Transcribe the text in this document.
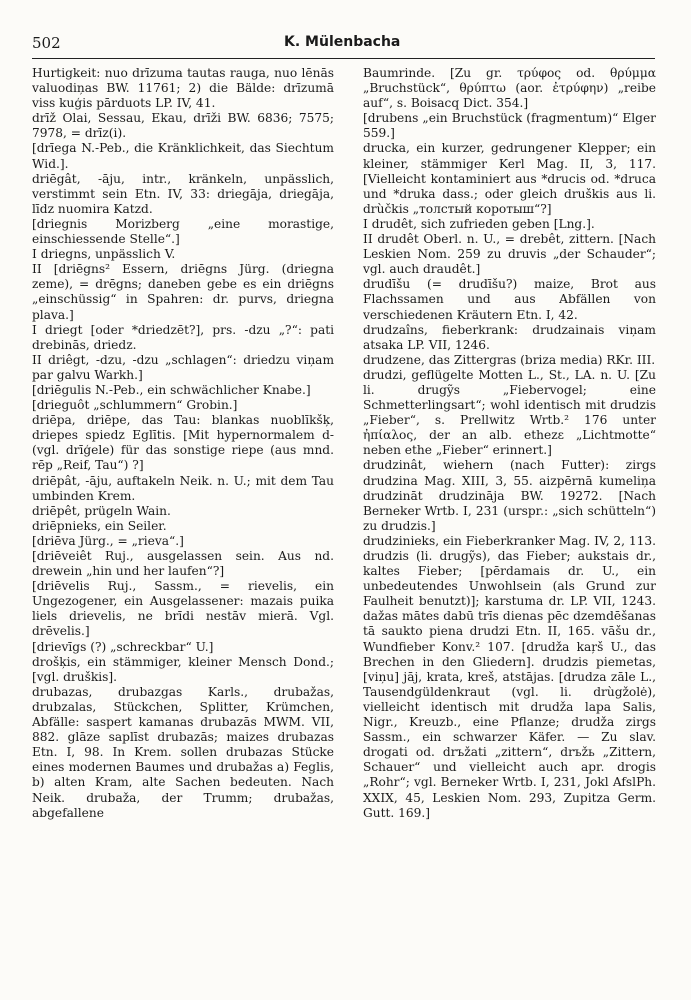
502	K. Mülenbacha

Hurtigkeit: nuo drīzuma tautas rauga, nuo lēnās valuodiņas BW. 11761; 2) die Bälde: drīzumā viss kuģis pārduots LP. IV, 41.

drīž Olai, Sessau, Ekau, drīži BW. 6836; 7575; 7978, = drīz(i).

[drīega N.-Peb., die Kränklichkeit, das Siechtum Wid.].

driēgât, -āju, intr., kränkeln, unpässlich, verstimmt sein Etn. IV, 33: driegāja, driegāja, līdz nuomira Katzd.

[driegnis Morizberg „eine morastige, einschiessende Stelle“.]

I driegns, unpässlich V.

II [driēgns² Essern, driēgns Jürg. (driegna zeme), = drēgns; daneben gebe es ein driēgns „einschüssig“ in Spahren: dr. purvs, driegna plava.]

I driegt [oder *driedzēt?], prs. -dzu „?“: pati drebinās, driedz.

II driêgt, -dzu, -dzu „schlagen“: driedzu viņam par galvu Warkh.]

[driēgulis N.-Peb., ein schwächlicher Knabe.]

[drieguôt „schlummern“ Grobin.]

driēpa, driēpe, das Tau: blankas nuoblīkšķ, driepes spiedz Eglītis. [Mit hypernormalem d- (vgl. drīģele) für das sonstige riepe (aus mnd. rēp „Reif, Tau“) ?]

driēpât, -āju, auftakeln Neik. n. U.; mit dem Tau umbinden Krem.

driēpêt, prügeln Wain.

driēpnieks, ein Seiler.

[driēva Jürg., = „rieva“.]

[driēveiêt Ruj., ausgelassen sein. Aus nd. drewein „hin und her laufen“?]

[driēvelis Ruj., Sassm., = rievelis, ein Ungezogener, ein Ausgelassener: mazais puika liels drievelis, ne brīdi nestāv mierā. Vgl. drēvelis.]

[drievīgs (?) „schreckbar“ U.]

drošķis, ein stämmiger, kleiner Mensch Dond.; [vgl. druškis].

drubazas, drubazgas Karls., drubažas, drubzalas, Stückchen, Splitter, Krümchen, Abfälle: saspert kamanas drubazās MWM. VII, 882. glāze saplīst drubazās; maizes drubazas Etn. I, 98. In Krem. sollen drubazas Stücke eines modernen Baumes und drubažas a) Feglis, b) alten Kram, alte Sachen bedeuten. Nach Neik. drubaža, der Trumm; drubažas, abgefallene

Baumrinde. [Zu gr. τρύφος od. θρύμμα „Bruchstück“, θρύπτω (aor. ἐτρύφην) „reibe auf“, s. Boisacq Dict. 354.]

[drubens „ein Bruchstück (fragmentum)“ Elger 559.]

drucka, ein kurzer, gedrungener Klepper; ein kleiner, stämmiger Kerl Mag. II, 3, 117. [Vielleicht kontaminiert aus *drucis od. *druca und *druka dass.; oder gleich druškis aus li. drùčkis „толстый коротыш“?]

I drudêt, sich zufrieden geben [Lng.].

II drudêt Oberl. n. U., = drebêt, zittern. [Nach Leskien Nom. 259 zu druvis „der Schauder“; vgl. auch draudêt.]

drudīšu (= drudīšu?) maize, Brot aus Flachssamen und aus Abfällen von verschiedenen Kräutern Etn. I, 42.

drudzaîns, fieberkrank: drudzainais viņam atsaka LP. VII, 1246.

drudzene, das Zittergras (briza media) RKr. III.

drudzi, geflügelte Motten L., St., LA. n. U. [Zu li. drugỹs „Fiebervogel; eine Schmetterlingsart“; wohl identisch mit drudzis „Fieber“, s. Prellwitz Wrtb.² 176 unter ἠπίαλος, der an alb. ethezε „Lichtmotte“ neben ethe „Fieber“ erinnert.]

drudzinât, wiehern (nach Futter): zirgs drudzina Mag. XIII, 3, 55. aizpērnā kumeliņa drudzināt drudzināja BW. 19272. [Nach Berneker Wrtb. I, 231 (urspr.: „sich schütteln“) zu drudzis.]

drudzinieks, ein Fieberkranker Mag. IV, 2, 113.

drudzis (li. drugỹs), das Fieber; aukstais dr., kaltes Fieber; [pērdamais dr. U., ein unbedeutendes Unwohlsein (als Grund zur Faulheit benutzt)]; karstuma dr. LP. VII, 1243. dažas mātes dabū trīs dienas pēc dzemdēšanas tā saukto piena drudzi Etn. II, 165. vāšu dr., Wundfieber Konv.² 107. [drudža kaŗš U., das Brechen in den Gliedern]. drudzis piemetas, [viņu] jāj, krata, kreš, atstājas. [drudza zāle L., Tausendgüldenkraut (vgl. li. drùgžolė), vielleicht identisch mit drudža lapa Salis, Nigr., Kreuzb., eine Pflanze; drudža zirgs Sassm., ein schwarzer Käfer. — Zu slav. drogati od. drъžati „zittern“, drъžь „Zittern, Schauer“ und vielleicht auch apr. drogis „Rohr“; vgl. Berneker Wrtb. I, 231, Jokl AfslPh. XXIX, 45, Leskien Nom. 293, Zupitza Germ. Gutt. 169.]
